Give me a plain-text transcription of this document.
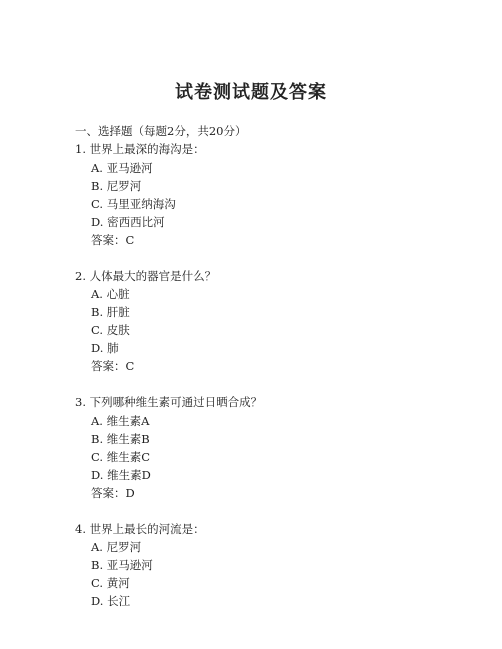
试卷测试题及答案
一、选择题（每题2分，共20分）
1. 世界上最深的海沟是：
A. 亚马逊河
B. 尼罗河
C. 马里亚纳海沟
D. 密西西比河
答案：C
2. 人体最大的器官是什么？
A. 心脏
B. 肝脏
C. 皮肤
D. 肺
答案：C
3. 下列哪种维生素可通过日晒合成？
A. 维生素A
B. 维生素B
C. 维生素C
D. 维生素D
答案：D
4. 世界上最长的河流是：
A. 尼罗河
B. 亚马逊河
C. 黄河
D. 长江
